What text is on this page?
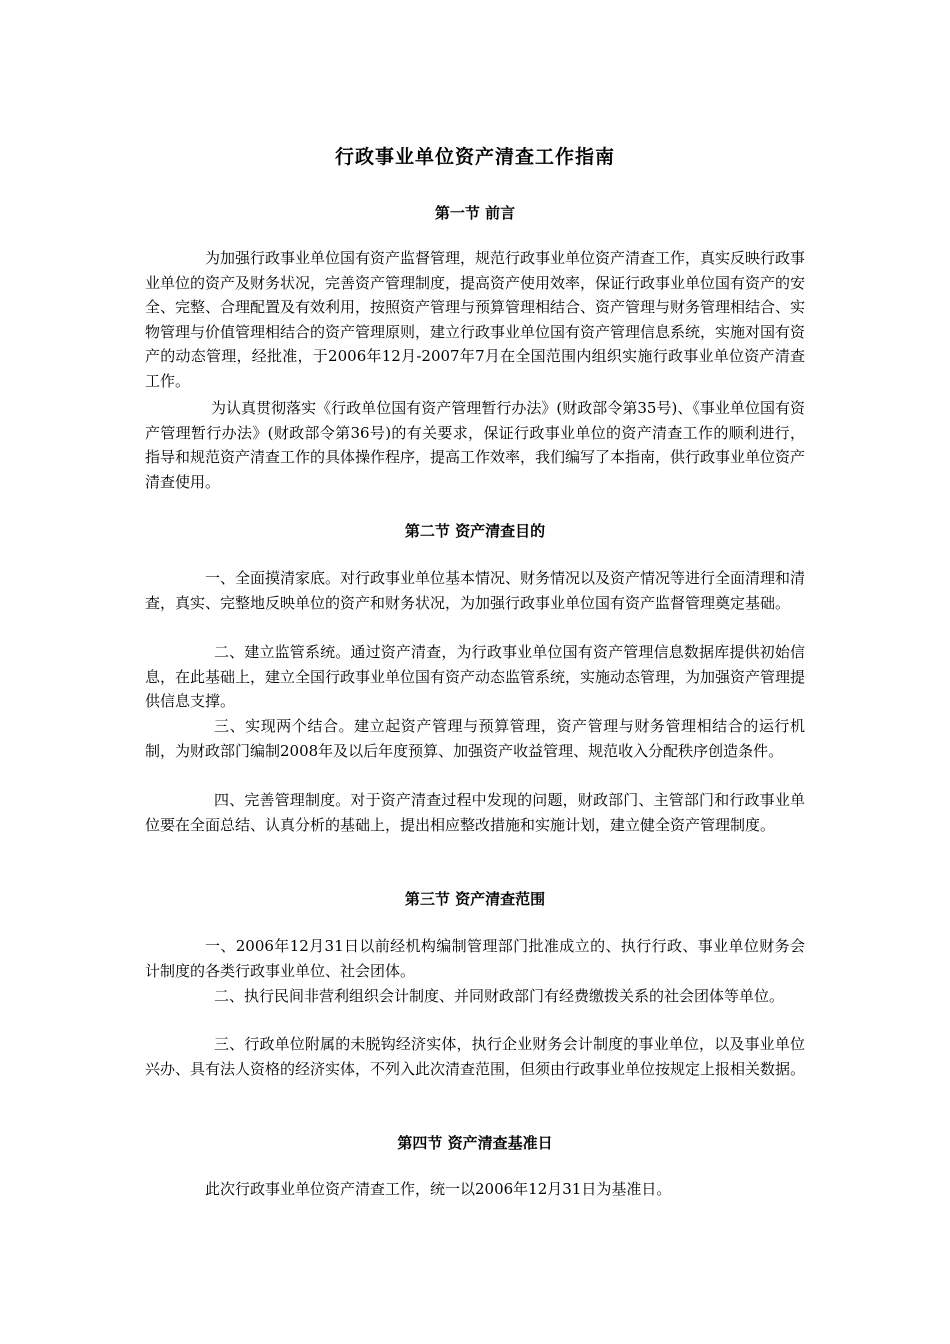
行政事业单位资产清查工作指南
第一节 前言

为加强行政事业单位国有资产监督管理，规范行政事业单位资产清查工作，真实反映行政事业单位的资产及财务状况，完善资产管理制度，提高资产使用效率，保证行政事业单位国有资产的安全、完整、合理配置及有效利用，按照资产管理与预算管理相结合、资产管理与财务管理相结合、实物管理与价值管理相结合的资产管理原则，建立行政事业单位国有资产管理信息系统，实施对国有资产的动态管理，经批准，于2006年12月-2007年7月在全国范围内组织实施行政事业单位资产清查工作。

为认真贯彻落实《行政单位国有资产管理暂行办法》(财政部令第35号)、《事业单位国有资产管理暂行办法》(财政部令第36号)的有关要求，保证行政事业单位的资产清查工作的顺利进行，指导和规范资产清查工作的具体操作程序，提高工作效率，我们编写了本指南，供行政事业单位资产清查使用。

第二节 资产清查目的

一、全面摸清家底。对行政事业单位基本情况、财务情况以及资产情况等进行全面清理和清查，真实、完整地反映单位的资产和财务状况，为加强行政事业单位国有资产监督管理奠定基础。

二、建立监管系统。通过资产清查，为行政事业单位国有资产管理信息数据库提供初始信息，在此基础上，建立全国行政事业单位国有资产动态监管系统，实施动态管理，为加强资产管理提供信息支撑。

三、实现两个结合。建立起资产管理与预算管理，资产管理与财务管理相结合的运行机制，为财政部门编制2008年及以后年度预算、加强资产收益管理、规范收入分配秩序创造条件。

四、完善管理制度。对于资产清查过程中发现的问题，财政部门、主管部门和行政事业单位要在全面总结、认真分析的基础上，提出相应整改措施和实施计划，建立健全资产管理制度。

第三节 资产清查范围

一、2006年12月31日以前经机构编制管理部门批准成立的、执行行政、事业单位财务会计制度的各类行政事业单位、社会团体。

二、执行民间非营利组织会计制度、并同财政部门有经费缴拨关系的社会团体等单位。

三、行政单位附属的未脱钩经济实体，执行企业财务会计制度的事业单位，以及事业单位兴办、具有法人资格的经济实体，不列入此次清查范围，但须由行政事业单位按规定上报相关数据。

第四节 资产清查基准日

此次行政事业单位资产清查工作，统一以2006年12月31日为基准日。
